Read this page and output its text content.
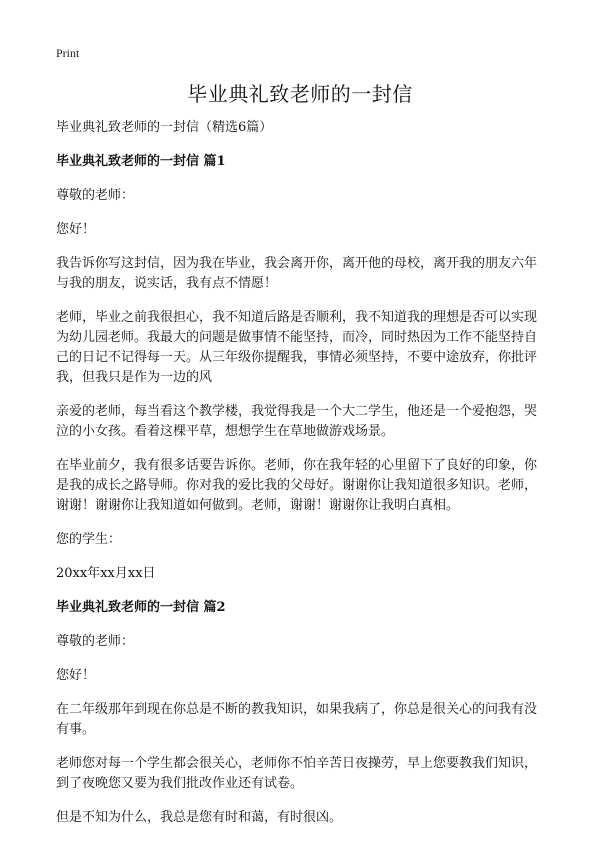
Print
毕业典礼致老师的一封信

毕业典礼致老师的一封信（精选6篇）

毕业典礼致老师的一封信 篇1

尊敬的老师：

您好！

我告诉你写这封信，因为我在毕业，我会离开你，离开他的母校，离开我的朋友六年与我的朋友，说实话，我有点不情愿！

老师，毕业之前我很担心，我不知道后路是否顺利，我不知道我的理想是否可以实现为幼儿园老师。我最大的问题是做事情不能坚持，而冷，同时热因为工作不能坚持自己的日记不记得每一天。从三年级你提醒我，事情必须坚持，不要中途放弃，你批评我，但我只是作为一边的风

亲爱的老师，每当看这个教学楼，我觉得我是一个大二学生，他还是一个爱抱怨，哭泣的小女孩。看着这棵平草，想想学生在草地做游戏场景。

在毕业前夕，我有很多话要告诉你。老师，你在我年轻的心里留下了良好的印象，你是我的成长之路导师。你对我的爱比我的父母好。谢谢你让我知道很多知识。老师，谢谢！谢谢你让我知道如何做到。老师，谢谢！谢谢你让我明白真相。

您的学生：

20xx年xx月xx日

毕业典礼致老师的一封信 篇2

尊敬的老师：

您好！

在二年级那年到现在你总是不断的教我知识，如果我病了，你总是很关心的问我有没有事。

老师您对每一个学生都会很关心，老师你不怕辛苦日夜操劳，早上您要教我们知识，到了夜晚您又要为我们批改作业还有试卷。

但是不知为什么，我总是您有时和蔼，有时很凶。
